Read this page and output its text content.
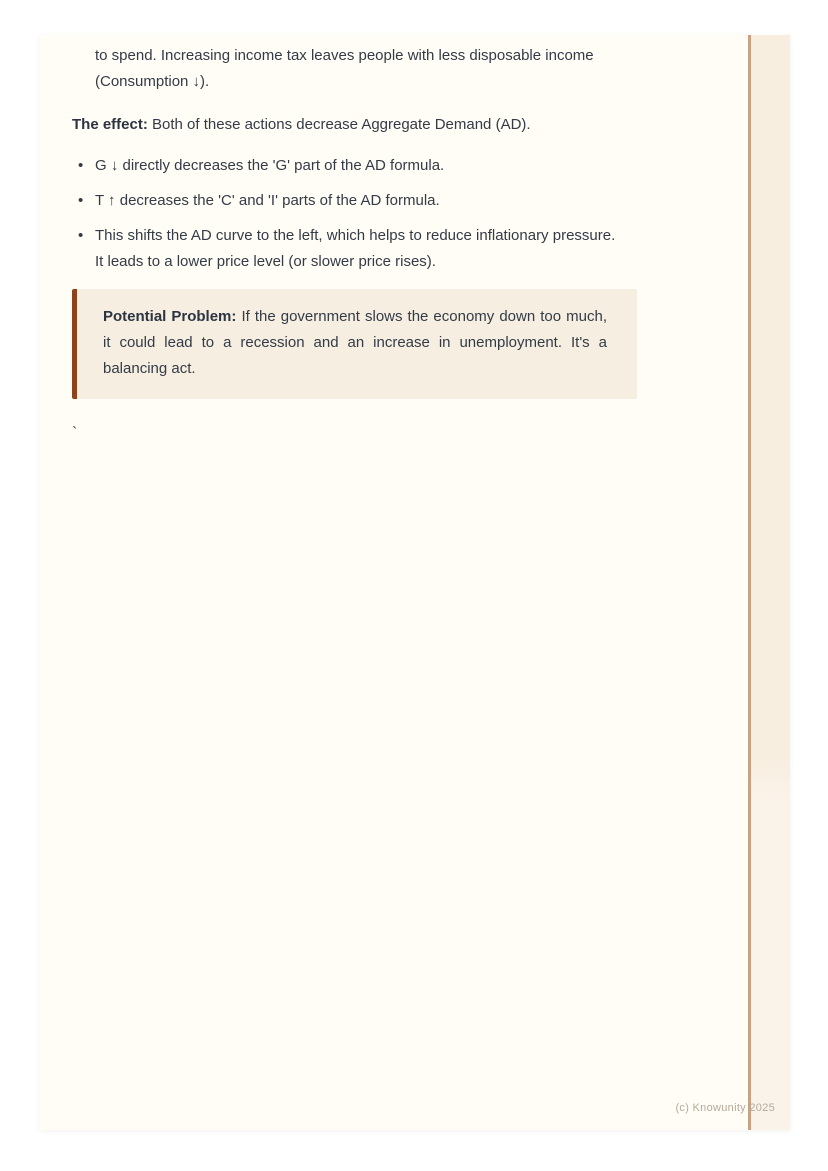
to spend. Increasing income tax leaves people with less disposable income (Consumption ↓).

The effect: Both of these actions decrease Aggregate Demand (AD).

• G ↓ directly decreases the 'G' part of the AD formula.
• T ↑ decreases the 'C' and 'I' parts of the AD formula.
• This shifts the AD curve to the left, which helps to reduce inflationary pressure. It leads to a lower price level (or slower price rises).
Potential Problem: If the government slows the economy down too much, it could lead to a recession and an increase in unemployment. It's a balancing act.
`
(c) Knowunity 2025
